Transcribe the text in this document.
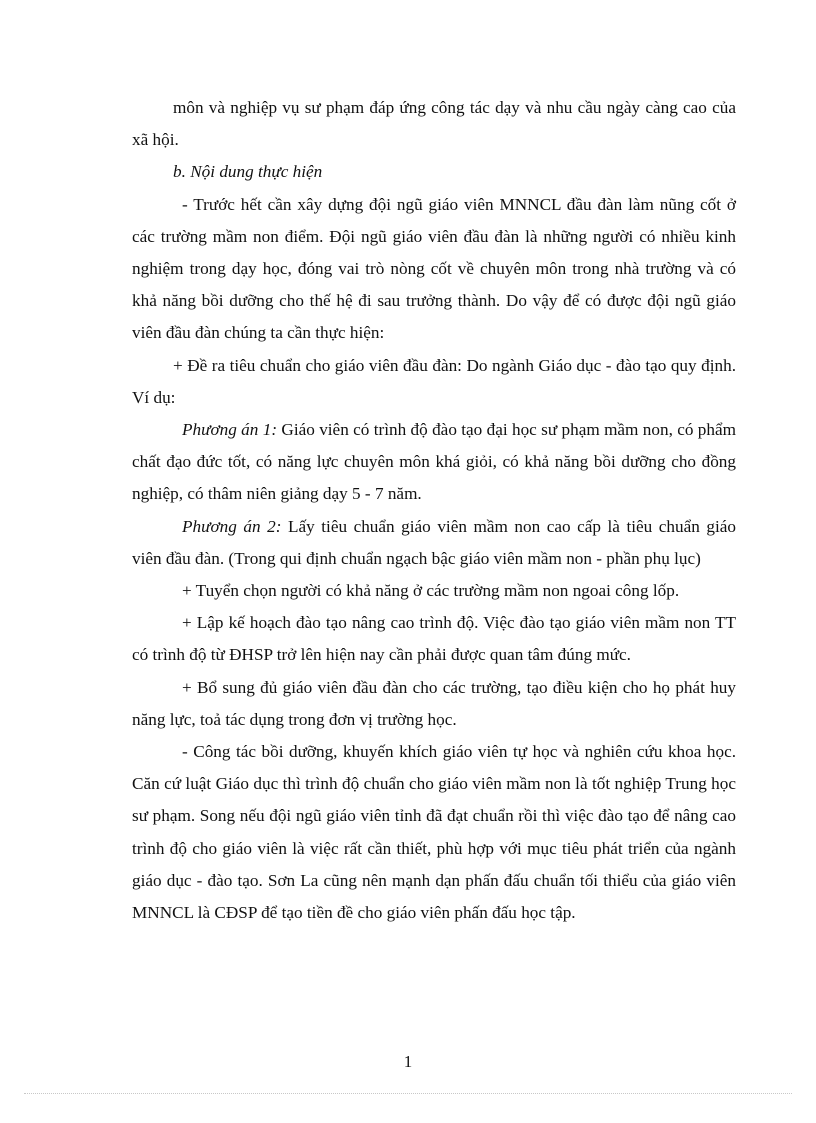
môn và nghiệp vụ sư phạm đáp ứng công tác dạy và nhu cầu ngày càng cao của xã hội.

b. Nội dung thực hiện

- Trước hết cần xây dựng đội ngũ giáo viên MNNCL đầu đàn làm nũng cốt ở các trường mầm non điểm. Đội ngũ giáo viên đầu đàn là những người có nhiều kinh nghiệm trong dạy học, đóng vai trò nòng cốt về chuyên môn trong nhà trường và có khả năng bồi dưỡng cho thế hệ đi sau trưởng thành. Do vậy để có được đội ngũ giáo viên đầu đàn chúng ta cần thực hiện:

+ Đề ra tiêu chuẩn cho giáo viên đầu đàn: Do ngành Giáo dục - đào tạo quy định. Ví dụ:

Phương án 1: Giáo viên có trình độ đào tạo đại học sư phạm mầm non, có phẩm chất đạo đức tốt, có năng lực chuyên môn khá giỏi, có khả năng bồi dưỡng cho đồng nghiệp, có thâm niên giảng dạy 5 - 7 năm.

Phương án 2: Lấy tiêu chuẩn giáo viên mầm non cao cấp là tiêu chuẩn giáo viên đầu đàn. (Trong qui định chuẩn ngạch bậc giáo viên mầm non - phần phụ lục)

+ Tuyển chọn người có khả năng ở các trường mầm non ngoai công lốp.

+ Lập kế hoạch đào tạo nâng cao trình độ. Việc đào tạo giáo viên mầm non TT có trình độ từ ĐHSP trở lên hiện nay cần phải được quan tâm đúng mức.

+ Bổ sung đủ giáo viên đầu đàn cho các trường, tạo điều kiện cho họ phát huy năng lực, toả tác dụng trong đơn vị trường học.

- Công tác bồi dưỡng, khuyến khích giáo viên tự học và nghiên cứu khoa học. Căn cứ luật Giáo dục thì trình độ chuẩn cho giáo viên mầm non là tốt nghiệp Trung học sư phạm. Song nếu đội ngũ giáo viên tỉnh đã đạt chuẩn rồi thì việc đào tạo để nâng cao trình độ cho giáo viên là việc rất cần thiết, phù hợp với mục tiêu phát triển của ngành giáo dục - đào tạo. Sơn La cũng nên mạnh dạn phấn đấu chuẩn tối thiểu của giáo viên MNNCL là CĐSP để tạo tiền đề cho giáo viên phấn đấu học tập.

1
